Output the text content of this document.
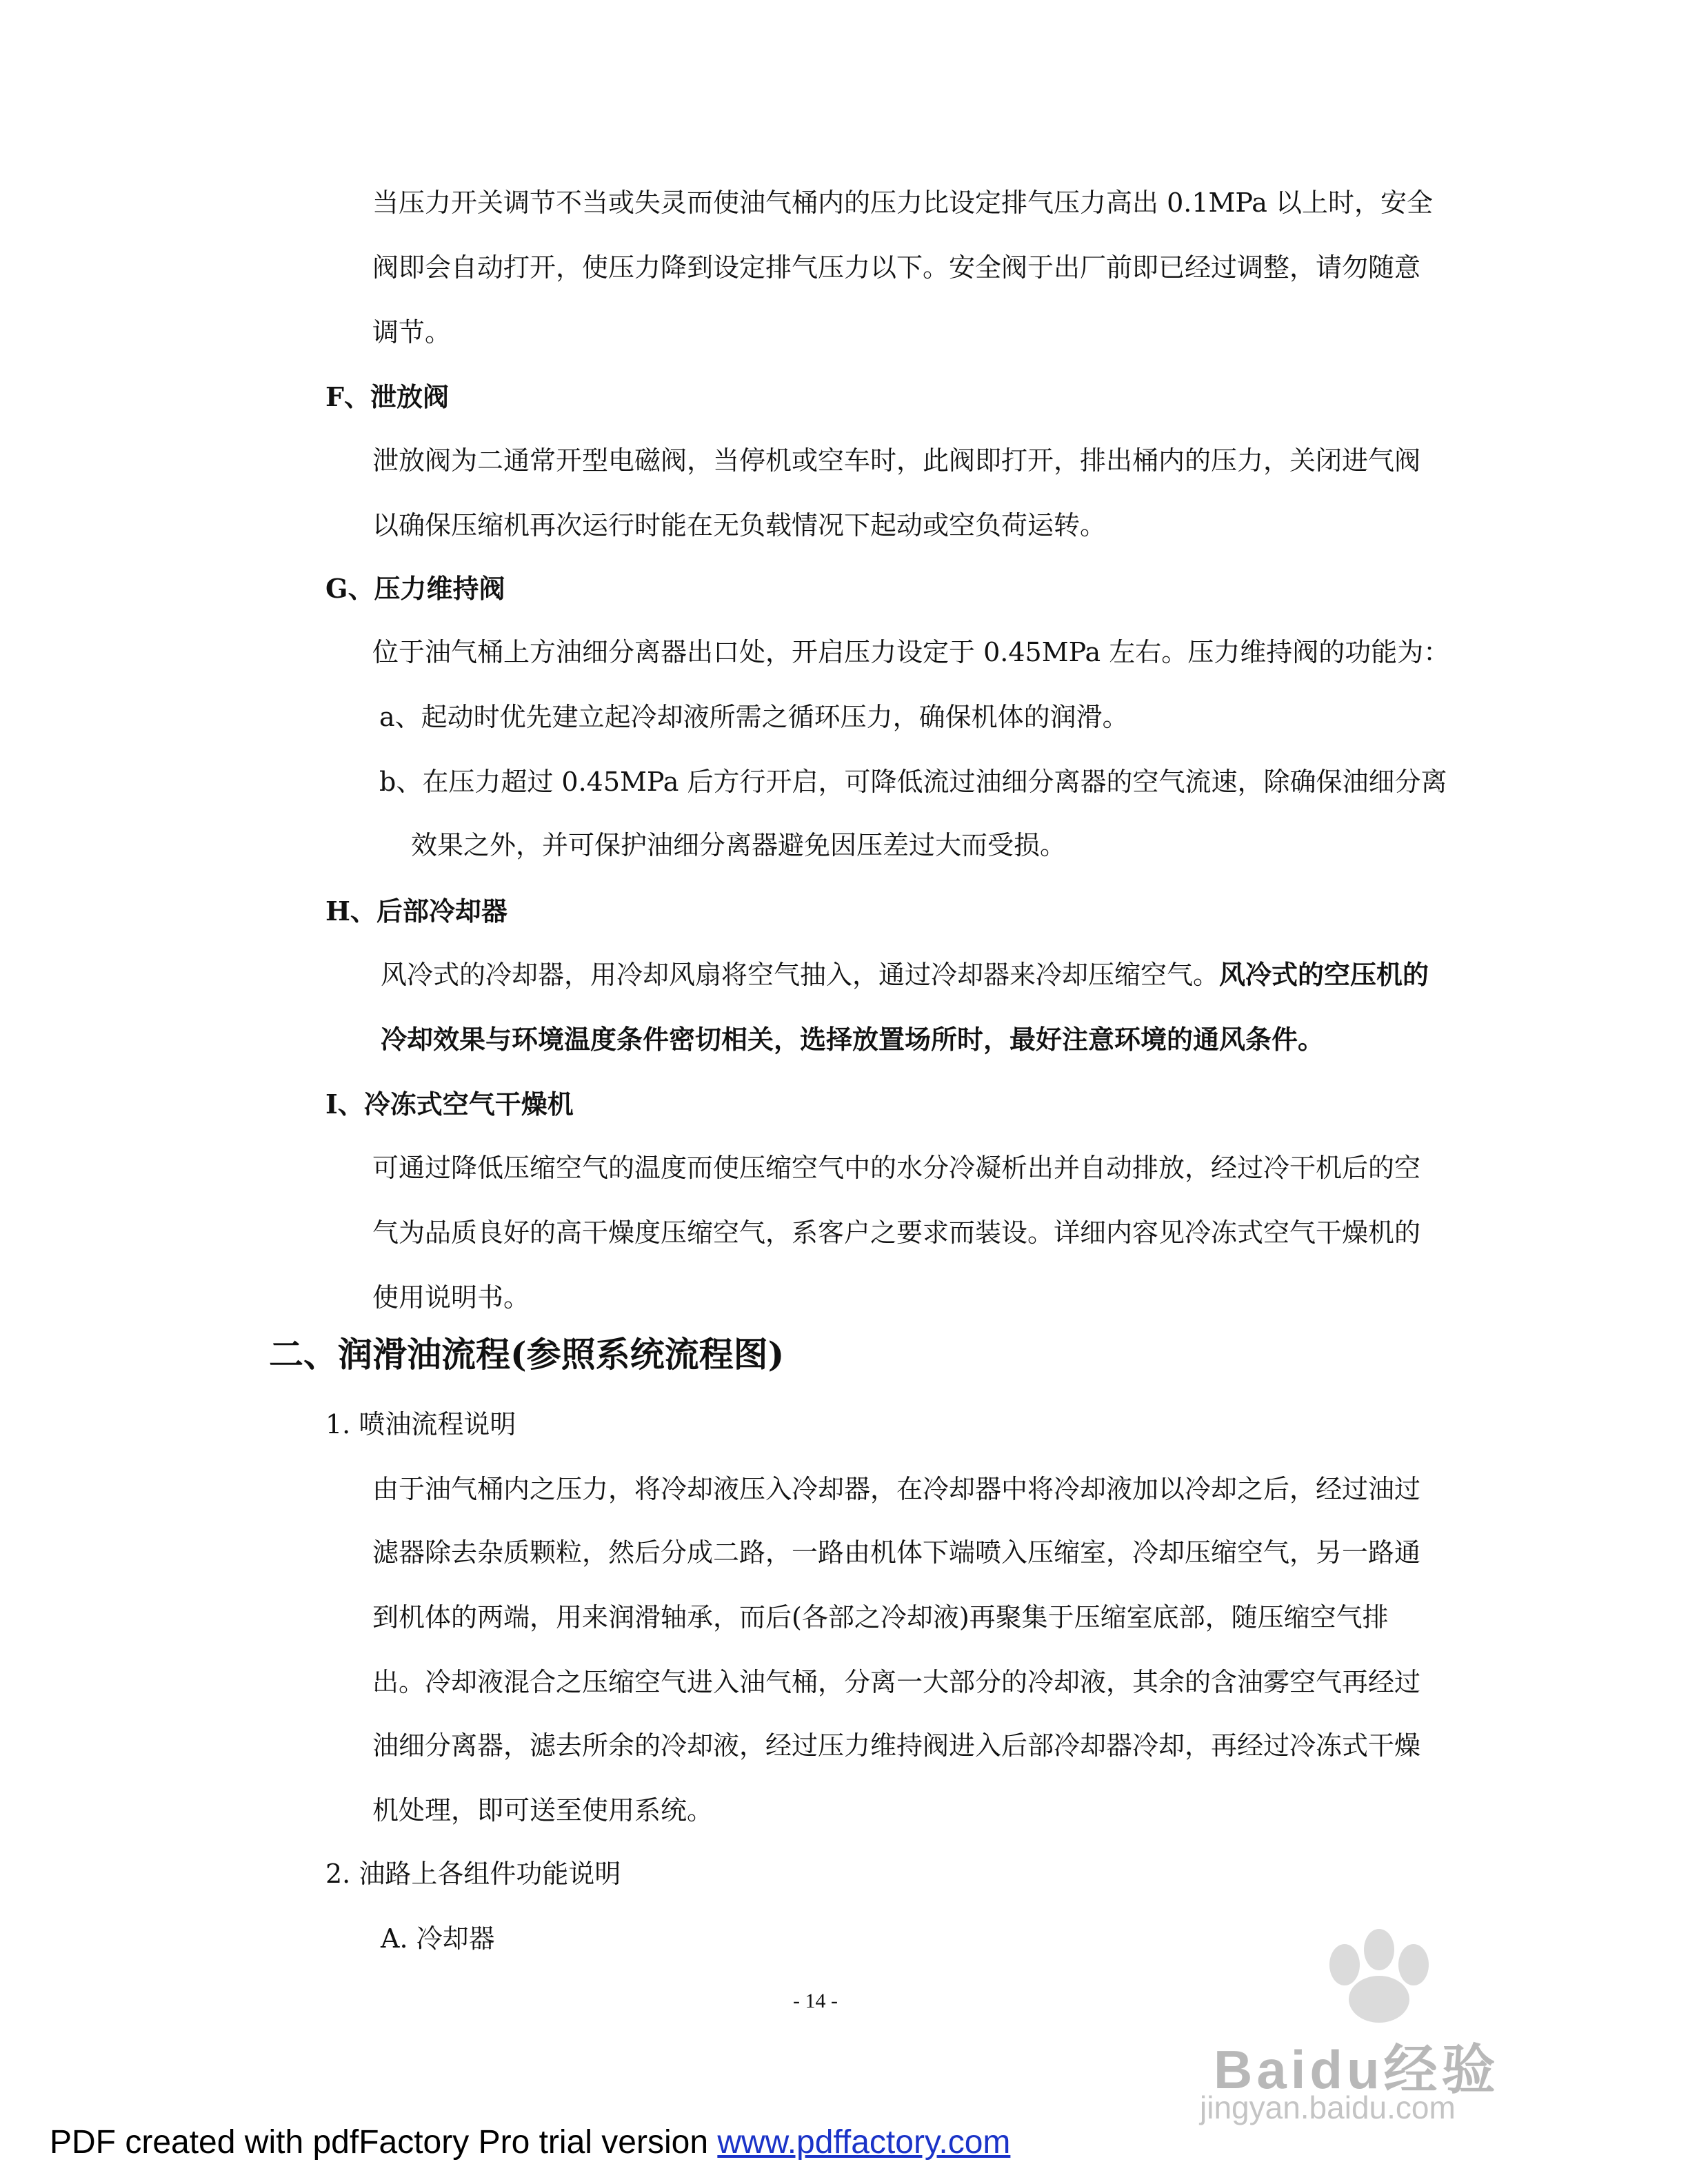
当压力开关调节不当或失灵而使油气桶内的压力比设定排气压力高出 0.1MPa 以上时，安全
阀即会自动打开，使压力降到设定排气压力以下。安全阀于出厂前即已经过调整，请勿随意
调节。
F、泄放阀
泄放阀为二通常开型电磁阀，当停机或空车时，此阀即打开，排出桶内的压力，关闭进气阀
以确保压缩机再次运行时能在无负载情况下起动或空负荷运转。
G、压力维持阀
位于油气桶上方油细分离器出口处，开启压力设定于 0.45MPa 左右。压力维持阀的功能为：
a、起动时优先建立起冷却液所需之循环压力，确保机体的润滑。
b、在压力超过 0.45MPa 后方行开启，可降低流过油细分离器的空气流速，除确保油细分离
效果之外，并可保护油细分离器避免因压差过大而受损。
H、后部冷却器
风冷式的冷却器，用冷却风扇将空气抽入，通过冷却器来冷却压缩空气。风冷式的空压机的
冷却效果与环境温度条件密切相关，选择放置场所时，最好注意环境的通风条件。
I、冷冻式空气干燥机
可通过降低压缩空气的温度而使压缩空气中的水分冷凝析出并自动排放，经过冷干机后的空
气为品质良好的高干燥度压缩空气，系客户之要求而装设。详细内容见冷冻式空气干燥机的
使用说明书。
二、润滑油流程(参照系统流程图)
1. 喷油流程说明
由于油气桶内之压力，将冷却液压入冷却器，在冷却器中将冷却液加以冷却之后，经过油过
滤器除去杂质颗粒，然后分成二路，一路由机体下端喷入压缩室，冷却压缩空气，另一路通
到机体的两端，用来润滑轴承，而后(各部之冷却液)再聚集于压缩室底部，随压缩空气排
出。冷却液混合之压缩空气进入油气桶，分离一大部分的冷却液，其余的含油雾空气再经过
油细分离器，滤去所余的冷却液，经过压力维持阀进入后部冷却器冷却，再经过冷冻式干燥
机处理，即可送至使用系统。
2. 油路上各组件功能说明
A. 冷却器
Baidu经验
jingyan.baidu.com
- 14 -
PDF created with pdfFactory Pro trial version www.pdffactory.com
